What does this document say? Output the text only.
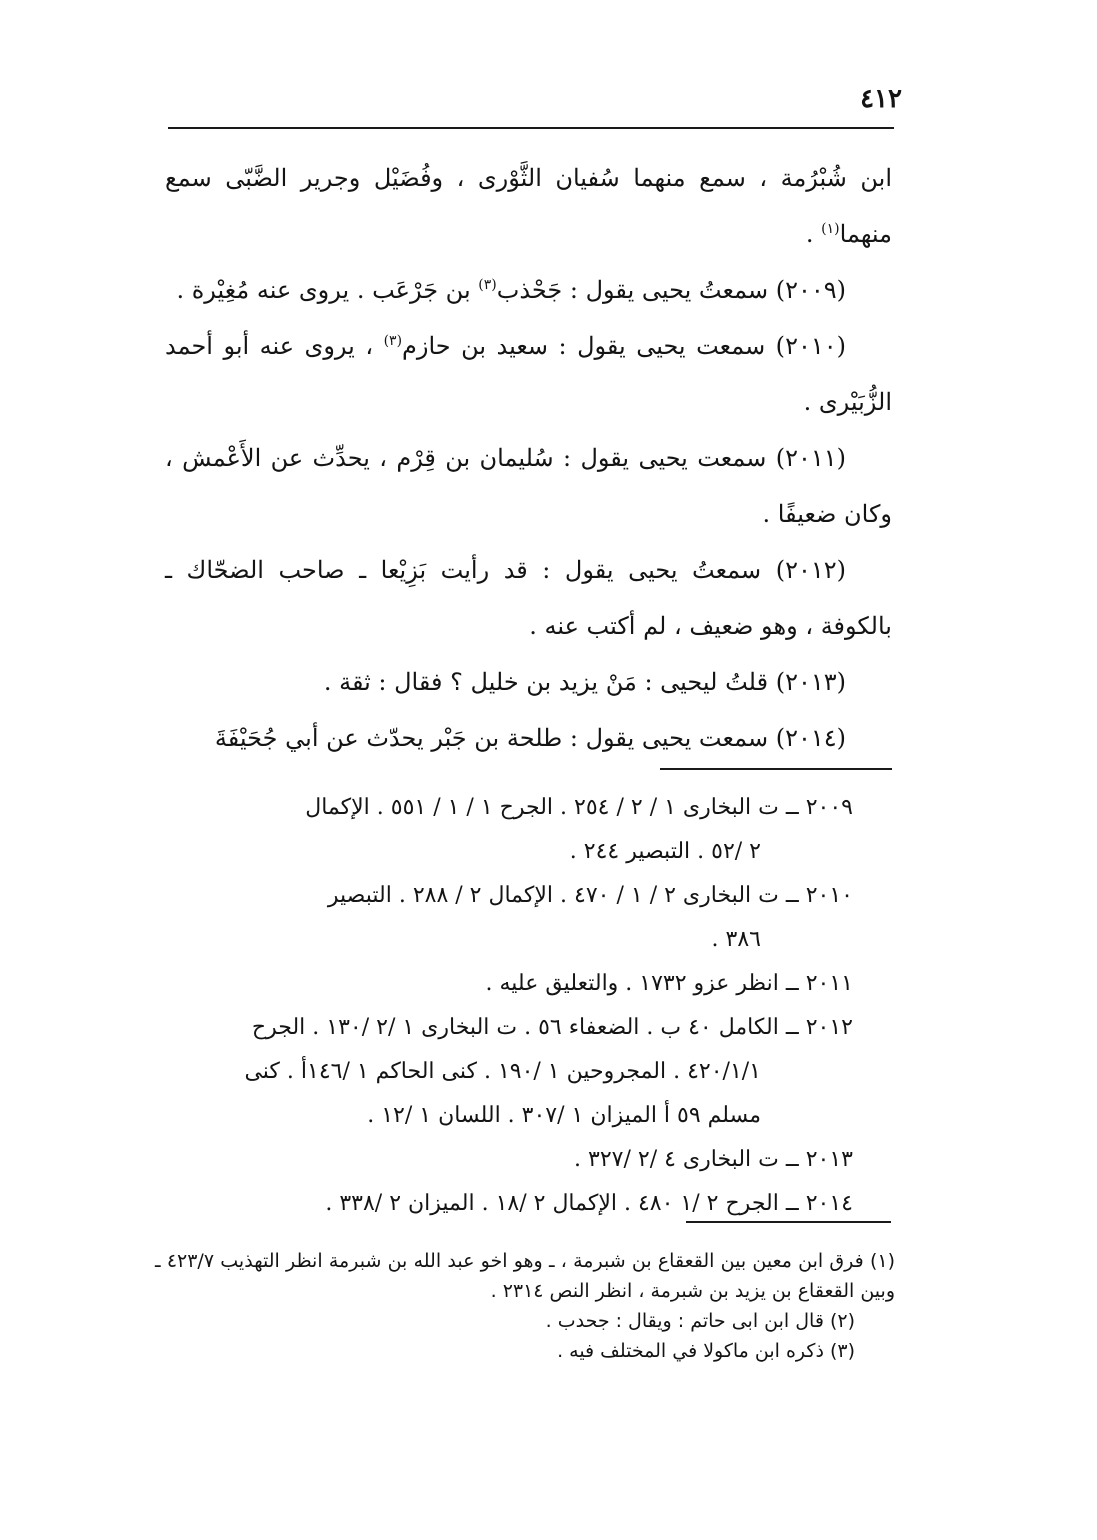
٤١٢

ابن شُبْرُمة ، سمع منهما سُفيان الثَّوْرى ، وفُضَيْل وجرير الضَّبّى سمع منهما$^{(١)}$ .

(٢٠٠٩) سمعتُ يحيى يقول : جَحْذب$^{(٣)}$ بن جَرْعَب . يروى عنه مُغِيْرة .

(٢٠١٠) سمعت يحيى يقول : سعيد بن حازم$^{(٣)}$ ، يروى عنه أبو أحمد الزُّبَيْرى .

(٢٠١١) سمعت يحيى يقول : سُليمان بن قِرْم ، يحدِّث عن الأَعْمش ، وكان ضعيفًا .

(٢٠١٢) سمعتُ يحيى يقول : قد رأيت بَزِيْعا ـ صاحب الضحّاك ـ بالكوفة ، وهو ضعيف ، لم أكتب عنه .

(٢٠١٣) قلتُ ليحيى : مَنْ يزيد بن خليل ؟ فقال : ثقة .

(٢٠١٤) سمعت يحيى يقول : طلحة بن جَبْر يحدّث عن أبي جُحَيْفَةَ

٢٠٠٩ ــ ت البخارى ١ / ٢ / ٢٥٤ . الجرح ١ / ١ / ٥٥١ . الإكمال
٢ /٥٢ . التبصير ٢٤٤ .

٢٠١٠ ــ ت البخارى ٢ / ١ / ٤٧٠ . الإكمال ٢ / ٢٨٨ . التبصير
٣٨٦ .

٢٠١١ ــ انظر عزو ١٧٣٢ . والتعليق عليه .

٢٠١٢ ــ الكامل ٤٠ ب . الضعفاء ٥٦ . ت البخارى ١ /٢ /١٣٠ . الجرح
٤٢٠/١/١ . المجروحين ١ /١٩٠ . كنى الحاكم ١ /١٤٦أ . كنى
مسلم ٥٩ أ الميزان ١ /٣٠٧ . اللسان ١ /١٢ .

٢٠١٣ ــ ت البخارى ٤ /٢ /٣٢٧ .

٢٠١٤ ــ الجرح ٢ /١ ٤٨٠ . الإكمال ٢ /١٨ . الميزان ٢ /٣٣٨ .

(١) فرق ابن معين بين القعقاع بن شبرمة ، ـ وهو اخو عبد الله بن شبرمة انظر التهذيب ٤٢٣/٧ ـ وبين القعقاع بن يزيد بن شبرمة ، انظر النص ٢٣١٤ .

(٢) قال ابن ابى حاتم : ويقال : جحدب .

(٣) ذكره ابن ماكولا في المختلف فيه .
